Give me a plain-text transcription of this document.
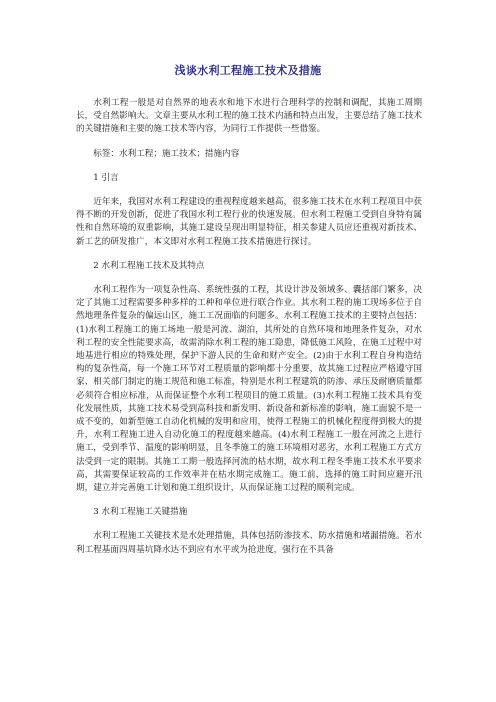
浅谈水利工程施工技术及措施

水利工程一般是对自然界的地表水和地下水进行合理科学的控制和调配，其施工周期长，受自然影响大。文章主要从水利工程的施工技术内涵和特点出发，主要总结了施工技术的关键措施和主要的施工技术等内容，为同行工作提供一些借鉴。

标签：水利工程；施工技术；措施内容

1 引言

近年来，我国对水利工程建设的重视程度越来越高，很多施工技术在水利工程项目中获得不断的开发创新，促进了我国水利工程行业的快速发展。但水利工程施工受到自身特有属性和自然环境的双重影响，其施工建设呈现出明显特征，相关参建人员应还重视对新技术、新工艺的研发推广，本文即对水利工程施工技术措施进行探讨。

2 水利工程施工技术及其特点

水利工程作为一项复杂性高、系统性强的工程，其设计涉及领域多、囊括部门繁多，决定了其施工过程需要多种多样的工种和单位进行联合作业。其水利工程的施工现场多位于自然地理条件复杂的偏远山区，施工工况面临的问题多。水利工程施工技术的主要特点包括：(1)水利工程施工的施工场地一般是河流、湖泊，其所处的自然环境和地理条件复杂，对水利工程的安全性能要求高，故需消除水利工程的施工隐患，降低施工风险，在施工过程中对地基进行相应的特殊处理，保护下游人民的生命和财产安全。(2)由于水利工程自身构造结构的复杂性高，每一个施工环节对工程质量的影响都十分重要，故其施工过程应严格遵守国家、相关部门制定的施工规范和施工标准，特别是水利工程建筑的防渗、承压及耐磨质量都必须符合相应标准，从而保证整个水利工程项目的施工质量。(3)水利工程施工技术具有变化发展性质，其施工技术易受到高科技和新发明、新设备和新标准的影响，施工面貌不是一成不变的，如新型施工自动化机械的发明和应用，使得工程施工的机械化程度得到极大的提升，水利工程施工进入自动化施工的程度越来越高。(4)水利工程施工一般在河流之上进行施工，受到季节、温度的影响明显，且冬季施工的施工环境相对恶劣，水利工程施工方式方法受到一定的限制。其施工工期一般选择河流的枯水期，故水利工程冬季施工技术水平要求高，其需要保证较高的工作效率并在枯水期完成施工。施工前，选择的施工时间应避开汛期，建立并完善施工计划和施工组织设计，从而保证施工过程的顺利完成。

3 水利工程施工关键措施

水利工程施工关键技术是水处理措施，具体包括防渗技术、防水措施和堵漏措施。若水利工程基面四周基坑降水达不到应有水平或为抢进度，强行在不具备
